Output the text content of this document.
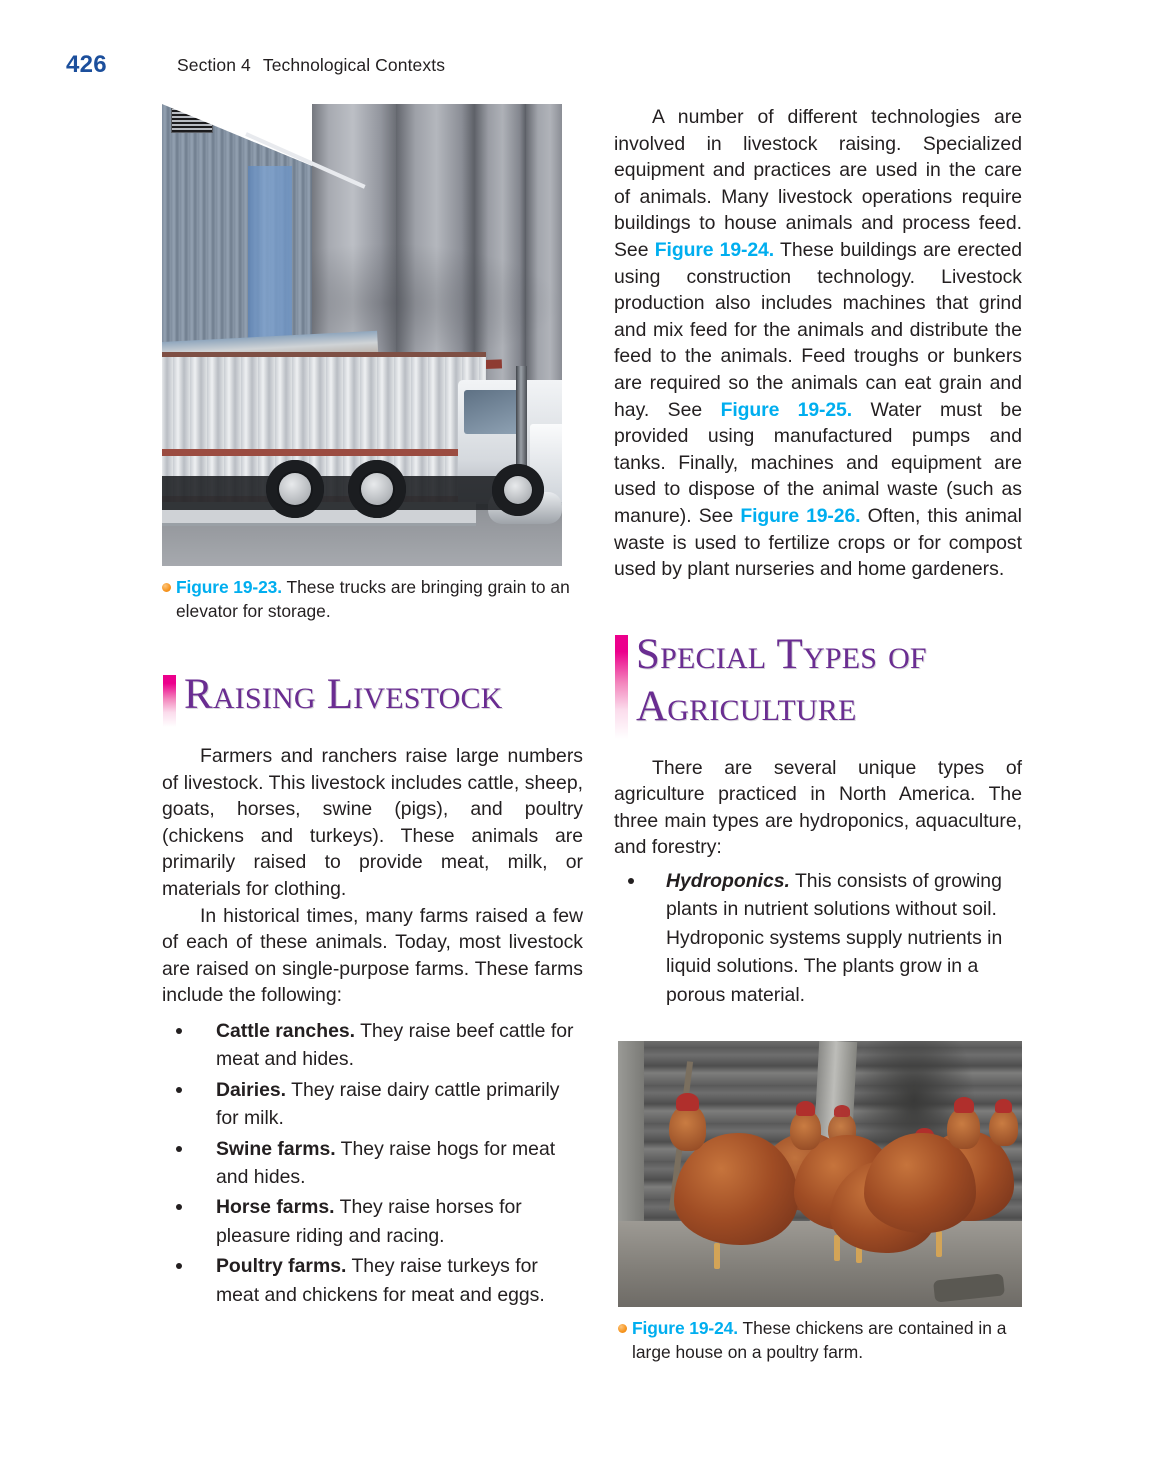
426	Section 4 Technological Contexts
Figure 19-23. These trucks are bringing grain to an elevator for storage.
Raising Livestock

Farmers and ranchers raise large numbers of livestock. This livestock includes cattle, sheep, goats, horses, swine (pigs), and poultry (chickens and turkeys). These animals are primarily raised to provide meat, milk, or materials for clothing.

In historical times, many farms raised a few of each of these animals. Today, most livestock are raised on single-purpose farms. These farms include the following:

Cattle ranches. They raise beef cattle for meat and hides.
Dairies. They raise dairy cattle primarily for milk.
Swine farms. They raise hogs for meat and hides.
Horse farms. They raise horses for pleasure riding and racing.
Poultry farms. They raise turkeys for meat and chickens for meat and eggs.

A number of different technologies are involved in livestock raising. Specialized equipment and practices are used in the care of animals. Many livestock operations require buildings to house animals and process feed. See Figure 19-24. These buildings are erected using construction technology. Livestock production also includes machines that grind and mix feed for the animals and distribute the feed to the animals. Feed troughs or bunkers are required so the animals can eat grain and hay. See Figure 19-25. Water must be provided using manufactured pumps and tanks. Finally, machines and equipment are used to dispose of the animal waste (such as manure). See Figure 19-26. Often, this animal waste is used to fertilize crops or for compost used by plant nurseries and home gardeners.

Special Types of Agriculture

There are several unique types of agriculture practiced in North America. The three main types are hydroponics, aquaculture, and forestry:

Hydroponics. This consists of growing plants in nutrient solutions without soil. Hydroponic systems supply nutrients in liquid solutions. The plants grow in a porous material.
Figure 19-24. These chickens are contained in a large house on a poultry farm.
